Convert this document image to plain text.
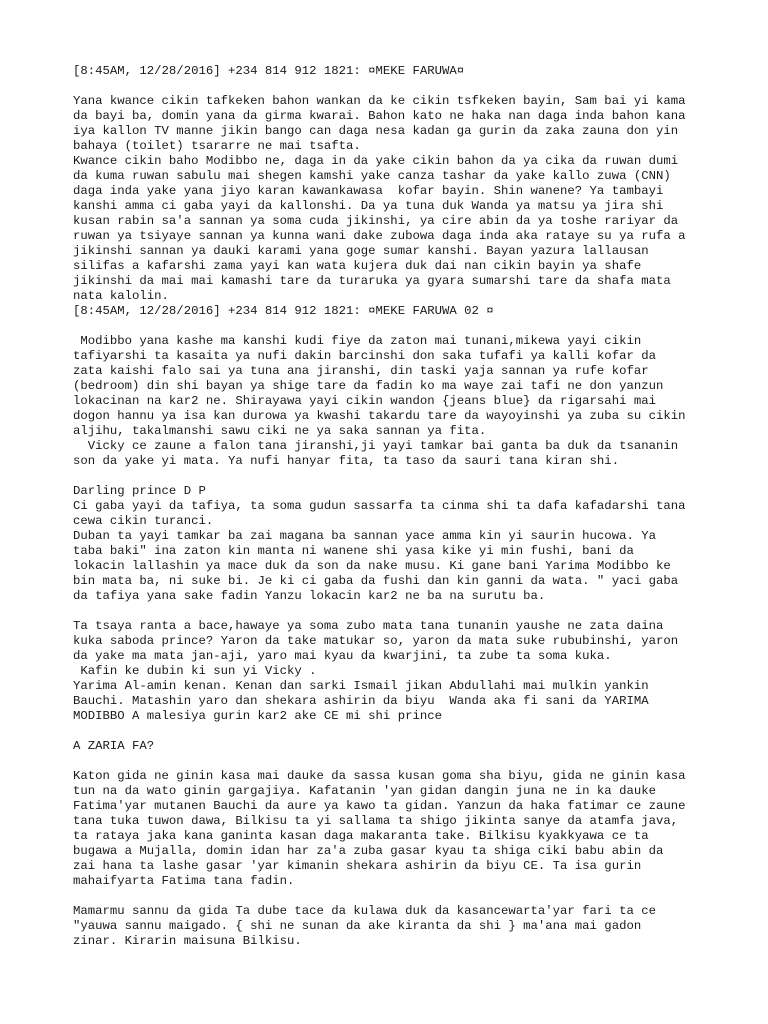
[8:45AM, 12/28/2016] +234 814 912 1821: ¤MEKE FARUWA¤

Yana kwance cikin tafkeken bahon wankan da ke cikin tsfkeken bayin, Sam bai yi kama
da bayi ba, domin yana da girma kwarai. Bahon kato ne haka nan daga inda bahon kana
iya kallon TV manne jikin bango can daga nesa kadan ga gurin da zaka zauna don yin
bahaya (toilet) tsararre ne mai tsafta.
Kwance cikin baho Modibbo ne, daga in da yake cikin bahon da ya cika da ruwan dumi
da kuma ruwan sabulu mai shegen kamshi yake canza tashar da yake kallo zuwa (CNN)
daga inda yake yana jiyo karan kawankawasa  kofar bayin. Shin wanene? Ya tambayi
kanshi amma ci gaba yayi da kallonshi. Da ya tuna duk Wanda ya matsu ya jira shi
kusan rabin sa'a sannan ya soma cuda jikinshi, ya cire abin da ya toshe rariyar da
ruwan ya tsiyaye sannan ya kunna wani dake zubowa daga inda aka rataye su ya rufa a
jikinshi sannan ya dauki karami yana goge sumar kanshi. Bayan yazura lallausan
silifas a kafarshi zama yayi kan wata kujera duk dai nan cikin bayin ya shafe
jikinshi da mai mai kamashi tare da turaruka ya gyara sumarshi tare da shafa mata
nata kalolin.
[8:45AM, 12/28/2016] +234 814 912 1821: ¤MEKE FARUWA 02 ¤

Modibbo yana kashe ma kanshi kudi fiye da zaton mai tunani,mikewa yayi cikin
tafiyarshi ta kasaita ya nufi dakin barcinshi don saka tufafi ya kalli kofar da
zata kaishi falo sai ya tuna ana jiranshi, din taski yaja sannan ya rufe kofar
(bedroom) din shi bayan ya shige tare da fadin ko ma waye zai tafi ne don yanzun
lokacinan na kar2 ne. Shirayawa yayi cikin wandon {jeans blue} da rigarsahi mai
dogon hannu ya isa kan durowa ya kwashi takardu tare da wayoyinshi ya zuba su cikin
aljihu, takalmanshi sawu ciki ne ya saka sannan ya fita.
Vicky ce zaune a falon tana jiranshi,ji yayi tamkar bai ganta ba duk da tsananin
son da yake yi mata. Ya nufi hanyar fita, ta taso da sauri tana kiran shi.

Darling prince D P
Ci gaba yayi da tafiya, ta soma gudun sassarfa ta cinma shi ta dafa kafadarshi tana
cewa cikin turanci.
Duban ta yayi tamkar ba zai magana ba sannan yace amma kin yi saurin hucowa. Ya
taba baki" ina zaton kin manta ni wanene shi yasa kike yi min fushi, bani da
lokacin lallashin ya mace duk da son da nake musu. Ki gane bani Yarima Modibbo ke
bin mata ba, ni suke bi. Je ki ci gaba da fushi dan kin ganni da wata. " yaci gaba
da tafiya yana sake fadin Yanzu lokacin kar2 ne ba na surutu ba.

Ta tsaya ranta a bace,hawaye ya soma zubo mata tana tunanin yaushe ne zata daina
kuka saboda prince? Yaron da take matukar so, yaron da mata suke rububinshi, yaron
da yake ma mata jan-aji, yaro mai kyau da kwarjini, ta zube ta soma kuka.
Kafin ke dubin ki sun yi Vicky .
Yarima Al-amin kenan. Kenan dan sarki Ismail jikan Abdullahi mai mulkin yankin
Bauchi. Matashin yaro dan shekara ashirin da biyu  Wanda aka fi sani da YARIMA
MODIBBO A malesiya gurin kar2 ake CE mi shi prince

A ZARIA FA?

Katon gida ne ginin kasa mai dauke da sassa kusan goma sha biyu, gida ne ginin kasa
tun na da wato ginin gargajiya. Kafatanin 'yan gidan dangin juna ne in ka dauke
Fatima'yar mutanen Bauchi da aure ya kawo ta gidan. Yanzun da haka fatimar ce zaune
tana tuka tuwon dawa, Bilkisu ta yi sallama ta shigo jikinta sanye da atamfa java,
ta rataya jaka kana ganinta kasan daga makaranta take. Bilkisu kyakkyawa ce ta
bugawa a Mujalla, domin idan har za'a zuba gasar kyau ta shiga ciki babu abin da
zai hana ta lashe gasar 'yar kimanin shekara ashirin da biyu CE. Ta isa gurin
mahaifyarta Fatima tana fadin.

Mamarmu sannu da gida Ta dube tace da kulawa duk da kasancewarta'yar fari ta ce
"yauwa sannu maigado. { shi ne sunan da ake kiranta da shi } ma'ana mai gadon
zinar. Kirarin maisuna Bilkisu.
